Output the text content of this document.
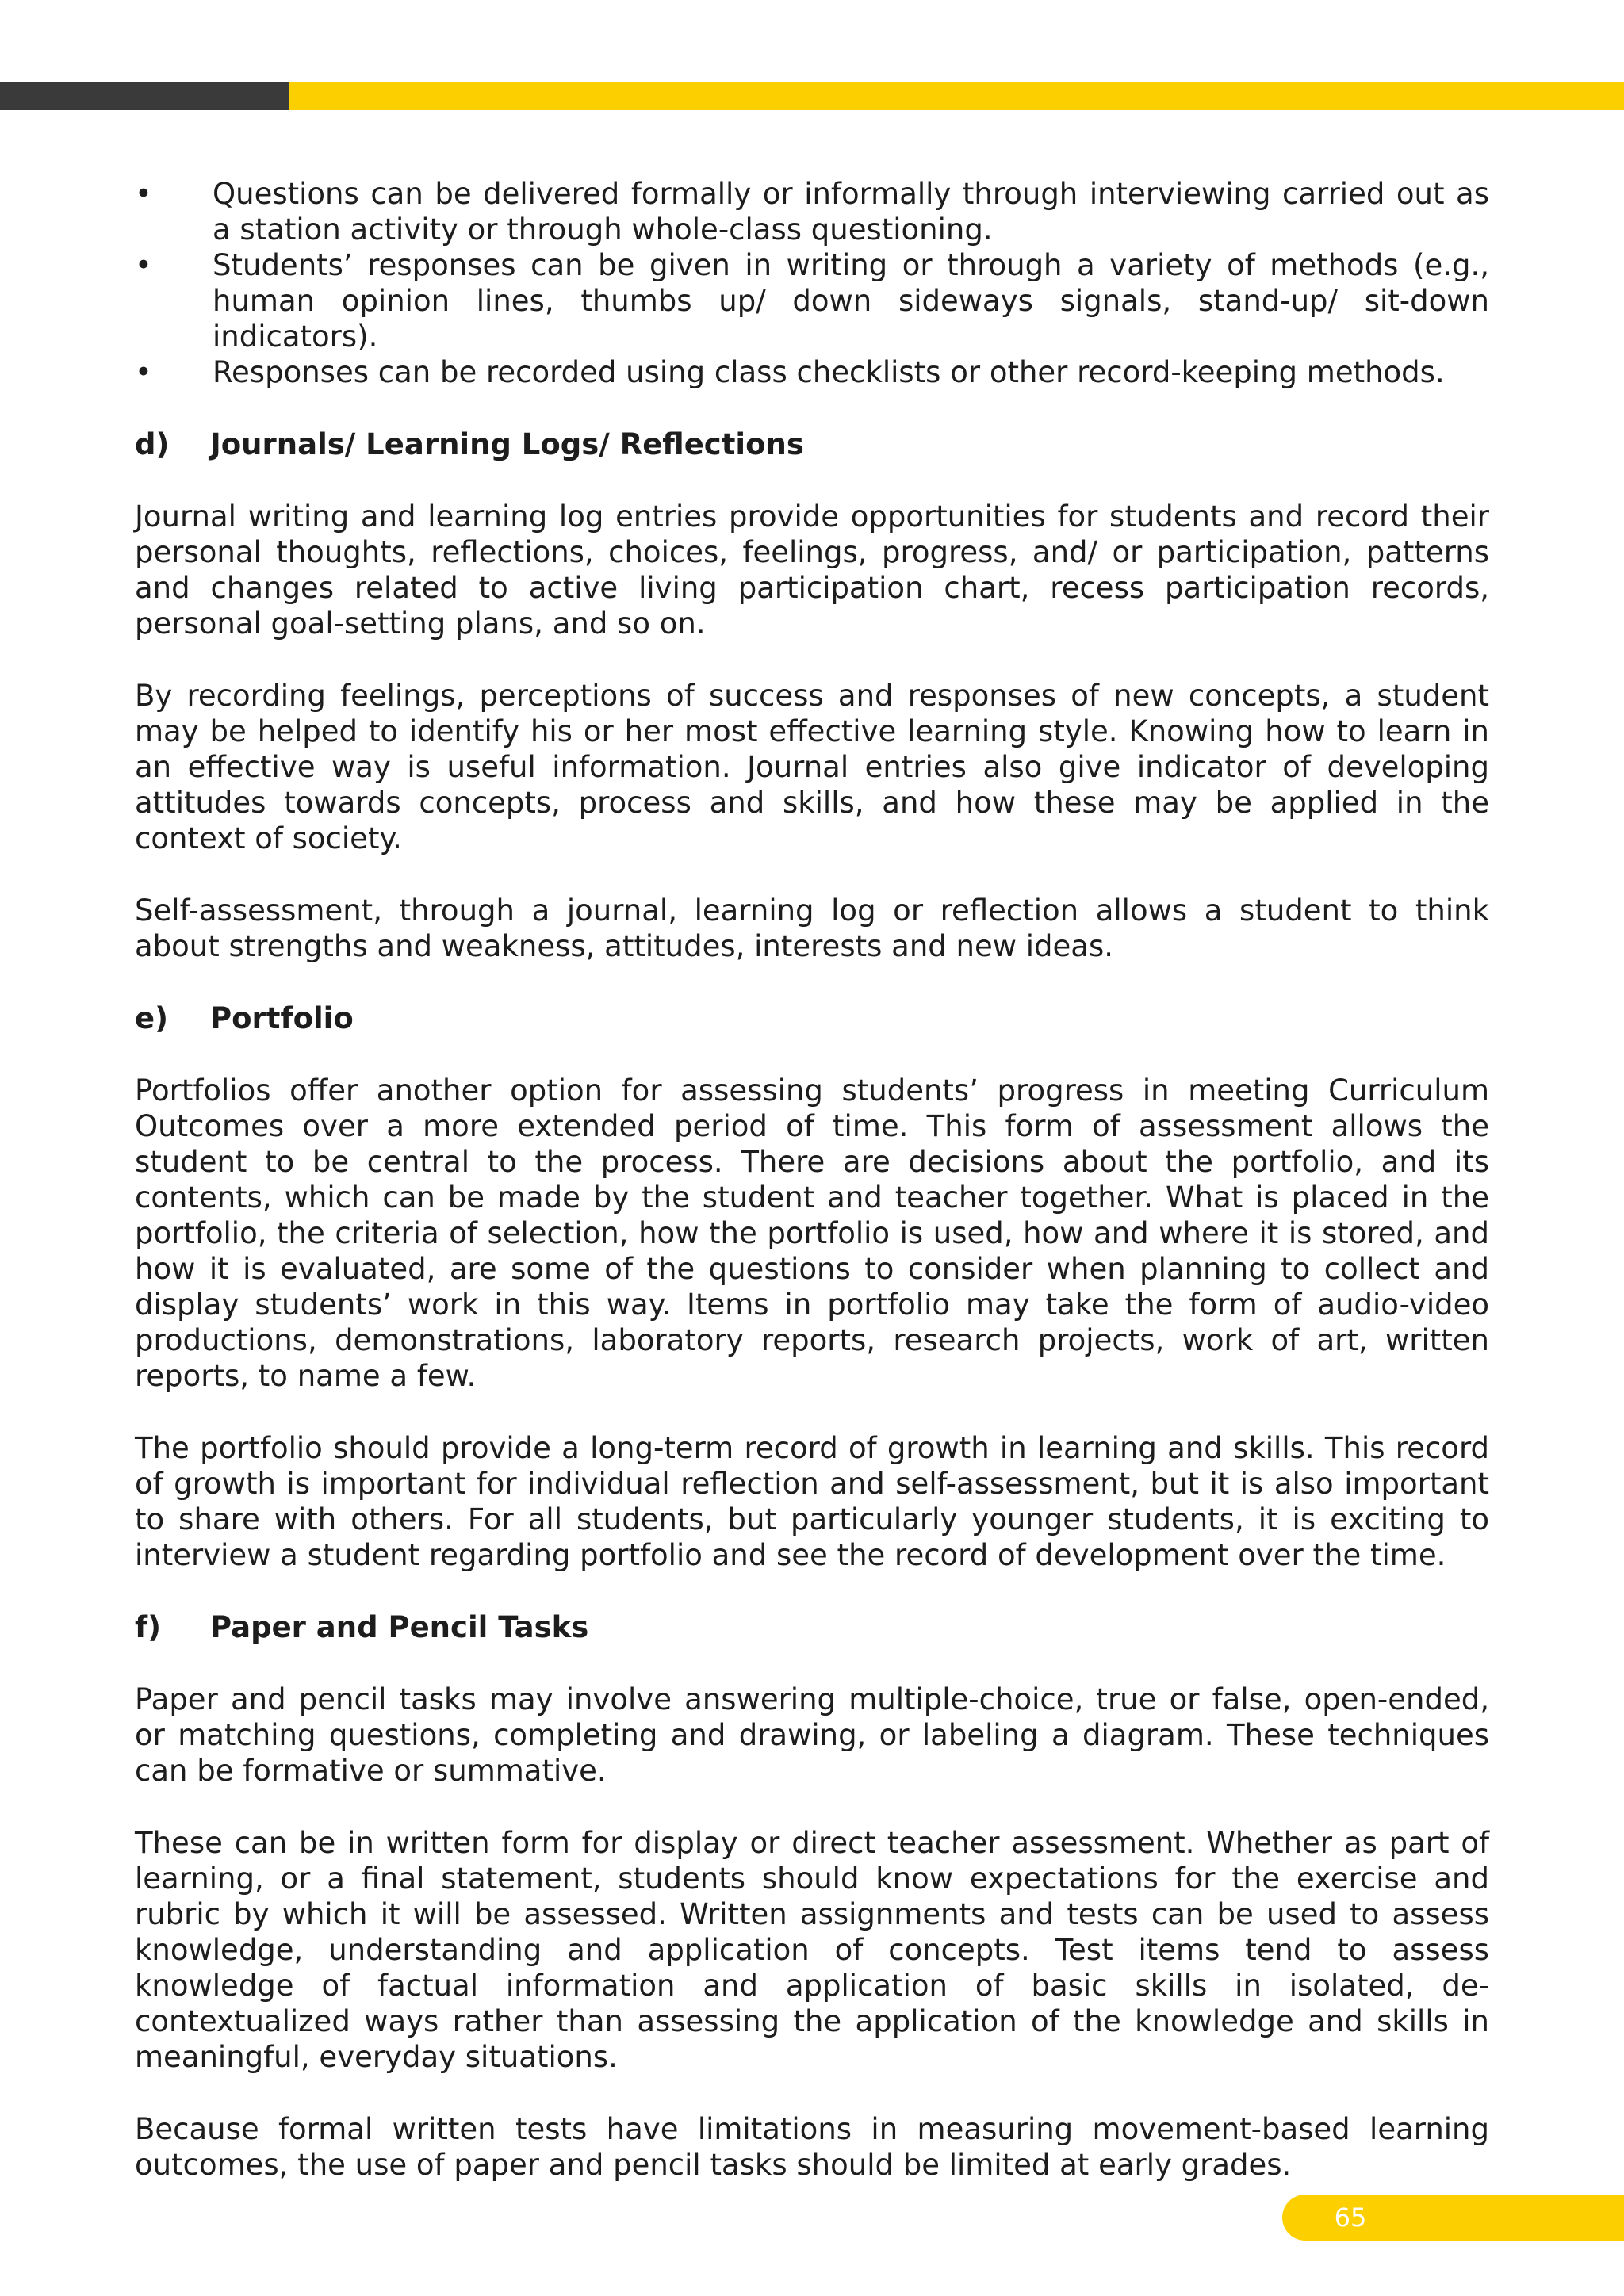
• Questions can be delivered formally or informally through interviewing carried out as a station activity or through whole-class questioning.
• Students’ responses can be given in writing or through a variety of methods (e.g., human opinion lines, thumbs up/ down sideways signals, stand-up/ sit-down indicators).
• Responses can be recorded using class checklists or other record-keeping methods.
d)	Journals/ Learning Logs/ Reflections

Journal writing and learning log entries provide opportunities for students and record their personal thoughts, reflections, choices, feelings, progress, and/ or participation, patterns and changes related to active living participation chart, recess participation records, personal goal-setting plans, and so on.

By recording feelings, perceptions of success and responses of new concepts, a student may be helped to identify his or her most effective learning style. Knowing how to learn in an effective way is useful information. Journal entries also give indicator of developing attitudes towards concepts, process and skills, and how these may be applied in the context of society.

Self-assessment, through a journal, learning log or reflection allows a student to think about strengths and weakness, attitudes, interests and new ideas.

e)	Portfolio

Portfolios offer another option for assessing students’ progress in meeting Curriculum Outcomes over a more extended period of time. This form of assessment allows the student to be central to the process. There are decisions about the portfolio, and its contents, which can be made by the student and teacher together. What is placed in the portfolio, the criteria of selection, how the portfolio is used, how and where it is stored, and how it is evaluated, are some of the questions to consider when planning to collect and display students’ work in this way. Items in portfolio may take the form of audio-video productions, demonstrations, laboratory reports, research projects, work of art, written reports, to name a few.

The portfolio should provide a long-term record of growth in learning and skills. This record of growth is important for individual reflection and self-assessment, but it is also important to share with others. For all students, but particularly younger students, it is exciting to interview a student regarding portfolio and see the record of development over the time.

f)	Paper and Pencil Tasks

Paper and pencil tasks may involve answering multiple-choice, true or false, open-ended, or matching questions, completing and drawing, or labeling a diagram. These techniques can be formative or summative.

These can be in written form for display or direct teacher assessment. Whether as part of learning, or a final statement, students should know expectations for the exercise and rubric by which it will be assessed. Written assignments and tests can be used to assess knowledge, understanding and application of concepts. Test items tend to assess knowledge of factual information and application of basic skills in isolated, de-contextualized ways rather than assessing the application of the knowledge and skills in meaningful, everyday situations.

Because formal written tests have limitations in measuring movement-based learning outcomes, the use of paper and pencil tasks should be limited at early grades.

65
